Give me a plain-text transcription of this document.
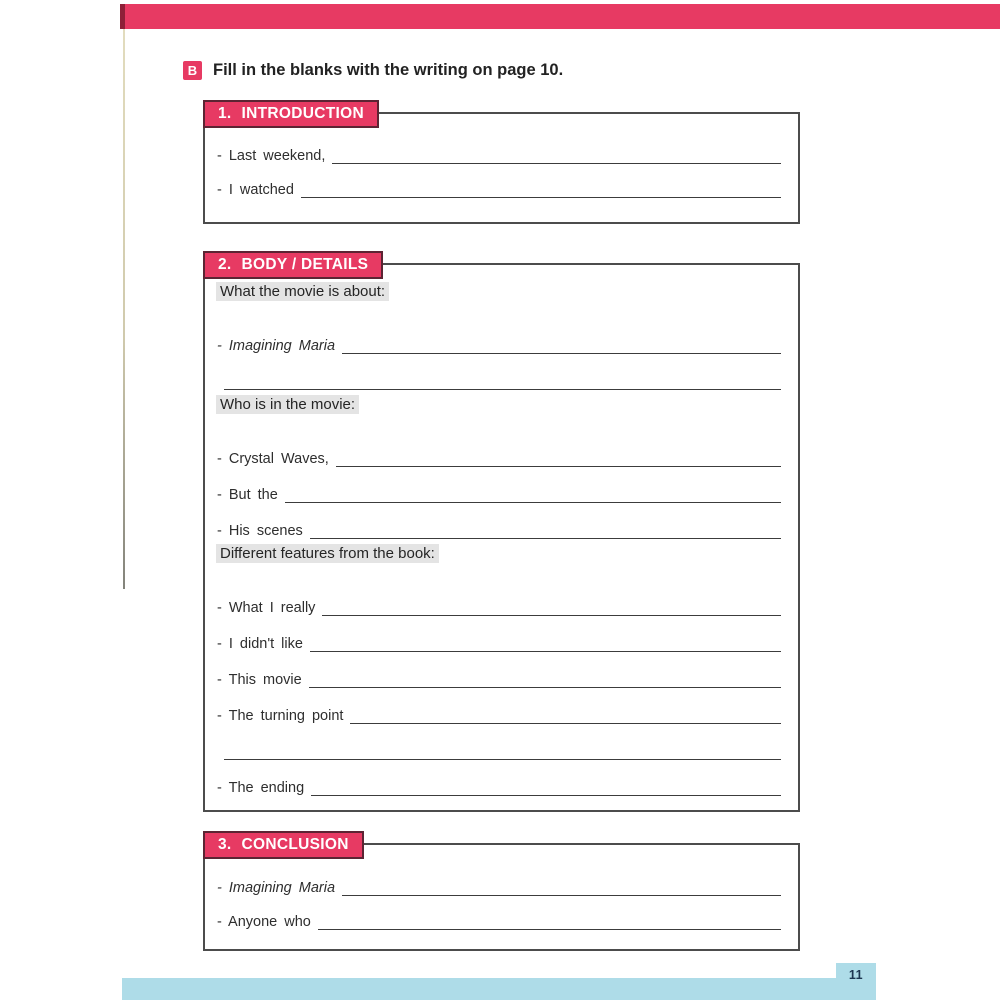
B Fill in the blanks with the writing on page 10.
1. INTRODUCTION
- Last weekend,
- I watched
2. BODY / DETAILS
What the movie is about:
- Imagining Maria
Who is in the movie:
- Crystal Waves,
- But the
- His scenes
Different features from the book:
- What I really
- I didn't like
- This movie
- The turning point
- The ending
3. CONCLUSION
- Imagining Maria
- Anyone who
11
